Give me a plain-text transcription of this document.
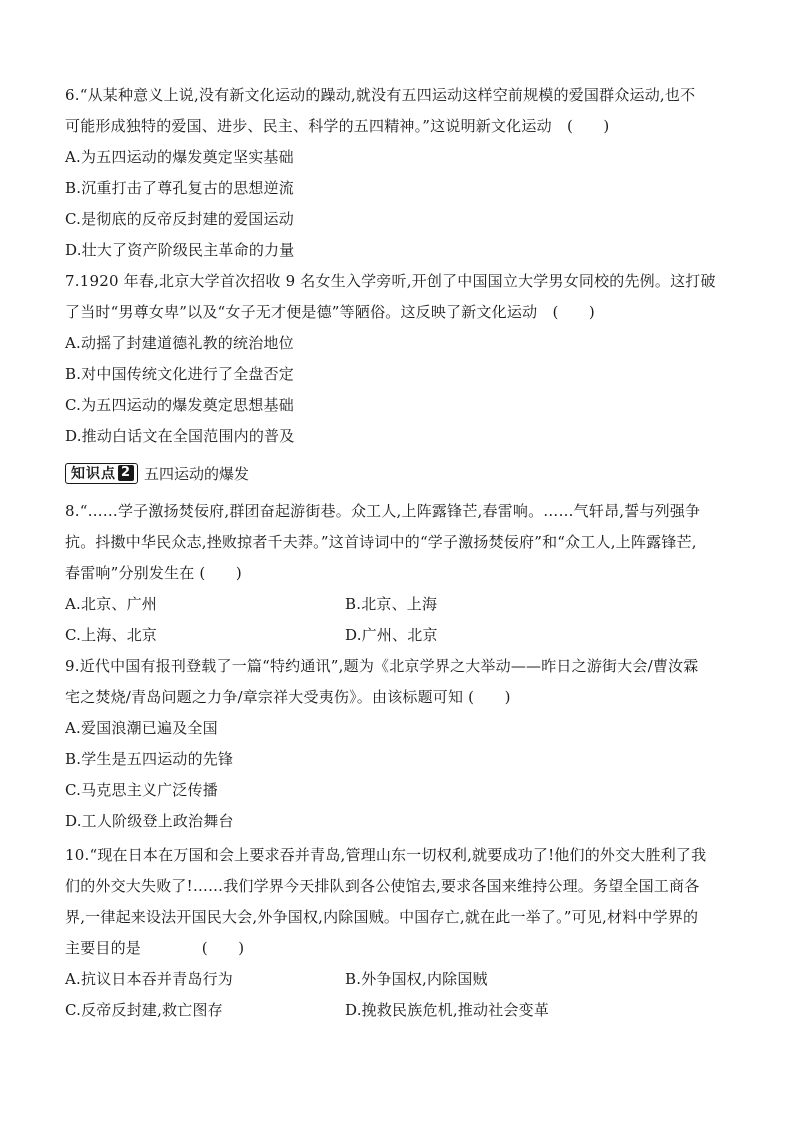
6.“从某种意义上说,没有新文化运动的躁动,就没有五四运动这样空前规模的爱国群众运动,也不
可能形成独特的爱国、进步、民主、科学的五四精神。”这说明新文化运动　(　　)
A.为五四运动的爆发奠定坚实基础
B.沉重打击了尊孔复古的思想逆流
C.是彻底的反帝反封建的爱国运动
D.壮大了资产阶级民主革命的力量
7.1920 年春,北京大学首次招收 9 名女生入学旁听,开创了中国国立大学男女同校的先例。这打破
了当时“男尊女卑”以及“女子无才便是德”等陋俗。这反映了新文化运动　(　　)
A.动摇了封建道德礼教的统治地位
B.对中国传统文化进行了全盘否定
C.为五四运动的爆发奠定思想基础
D.推动白话文在全国范围内的普及
知识点 2 五四运动的爆发
8.“……学子激扬焚佞府,群团奋起游街巷。众工人,上阵露锋芒,春雷响。……气轩昂,誓与列强争
抗。抖擞中华民众志,挫败掠者千夫莽。”这首诗词中的“学子激扬焚佞府”和“众工人,上阵露锋芒,
春雷响”分别发生在 (　　)
A.北京、广州	B.北京、上海
C.上海、北京	D.广州、北京
9.近代中国有报刊登载了一篇“特约通讯”,题为《北京学界之大举动——昨日之游街大会/曹汝霖
宅之焚烧/青岛问题之力争/章宗祥大受夷伤》。由该标题可知 (　　)
A.爱国浪潮已遍及全国
B.学生是五四运动的先锋
C.马克思主义广泛传播
D.工人阶级登上政治舞台
10.“现在日本在万国和会上要求吞并青岛,管理山东一切权利,就要成功了!他们的外交大胜利了我
们的外交大失败了!……我们学界今天排队到各公使馆去,要求各国来维持公理。务望全国工商各
界,一律起来设法开国民大会,外争国权,内除国贼。中国存亡,就在此一举了。”可见,材料中学界的
主要目的是　　　　(　　)
A.抗议日本吞并青岛行为	B.外争国权,内除国贼
C.反帝反封建,救亡图存	D.挽救民族危机,推动社会变革
